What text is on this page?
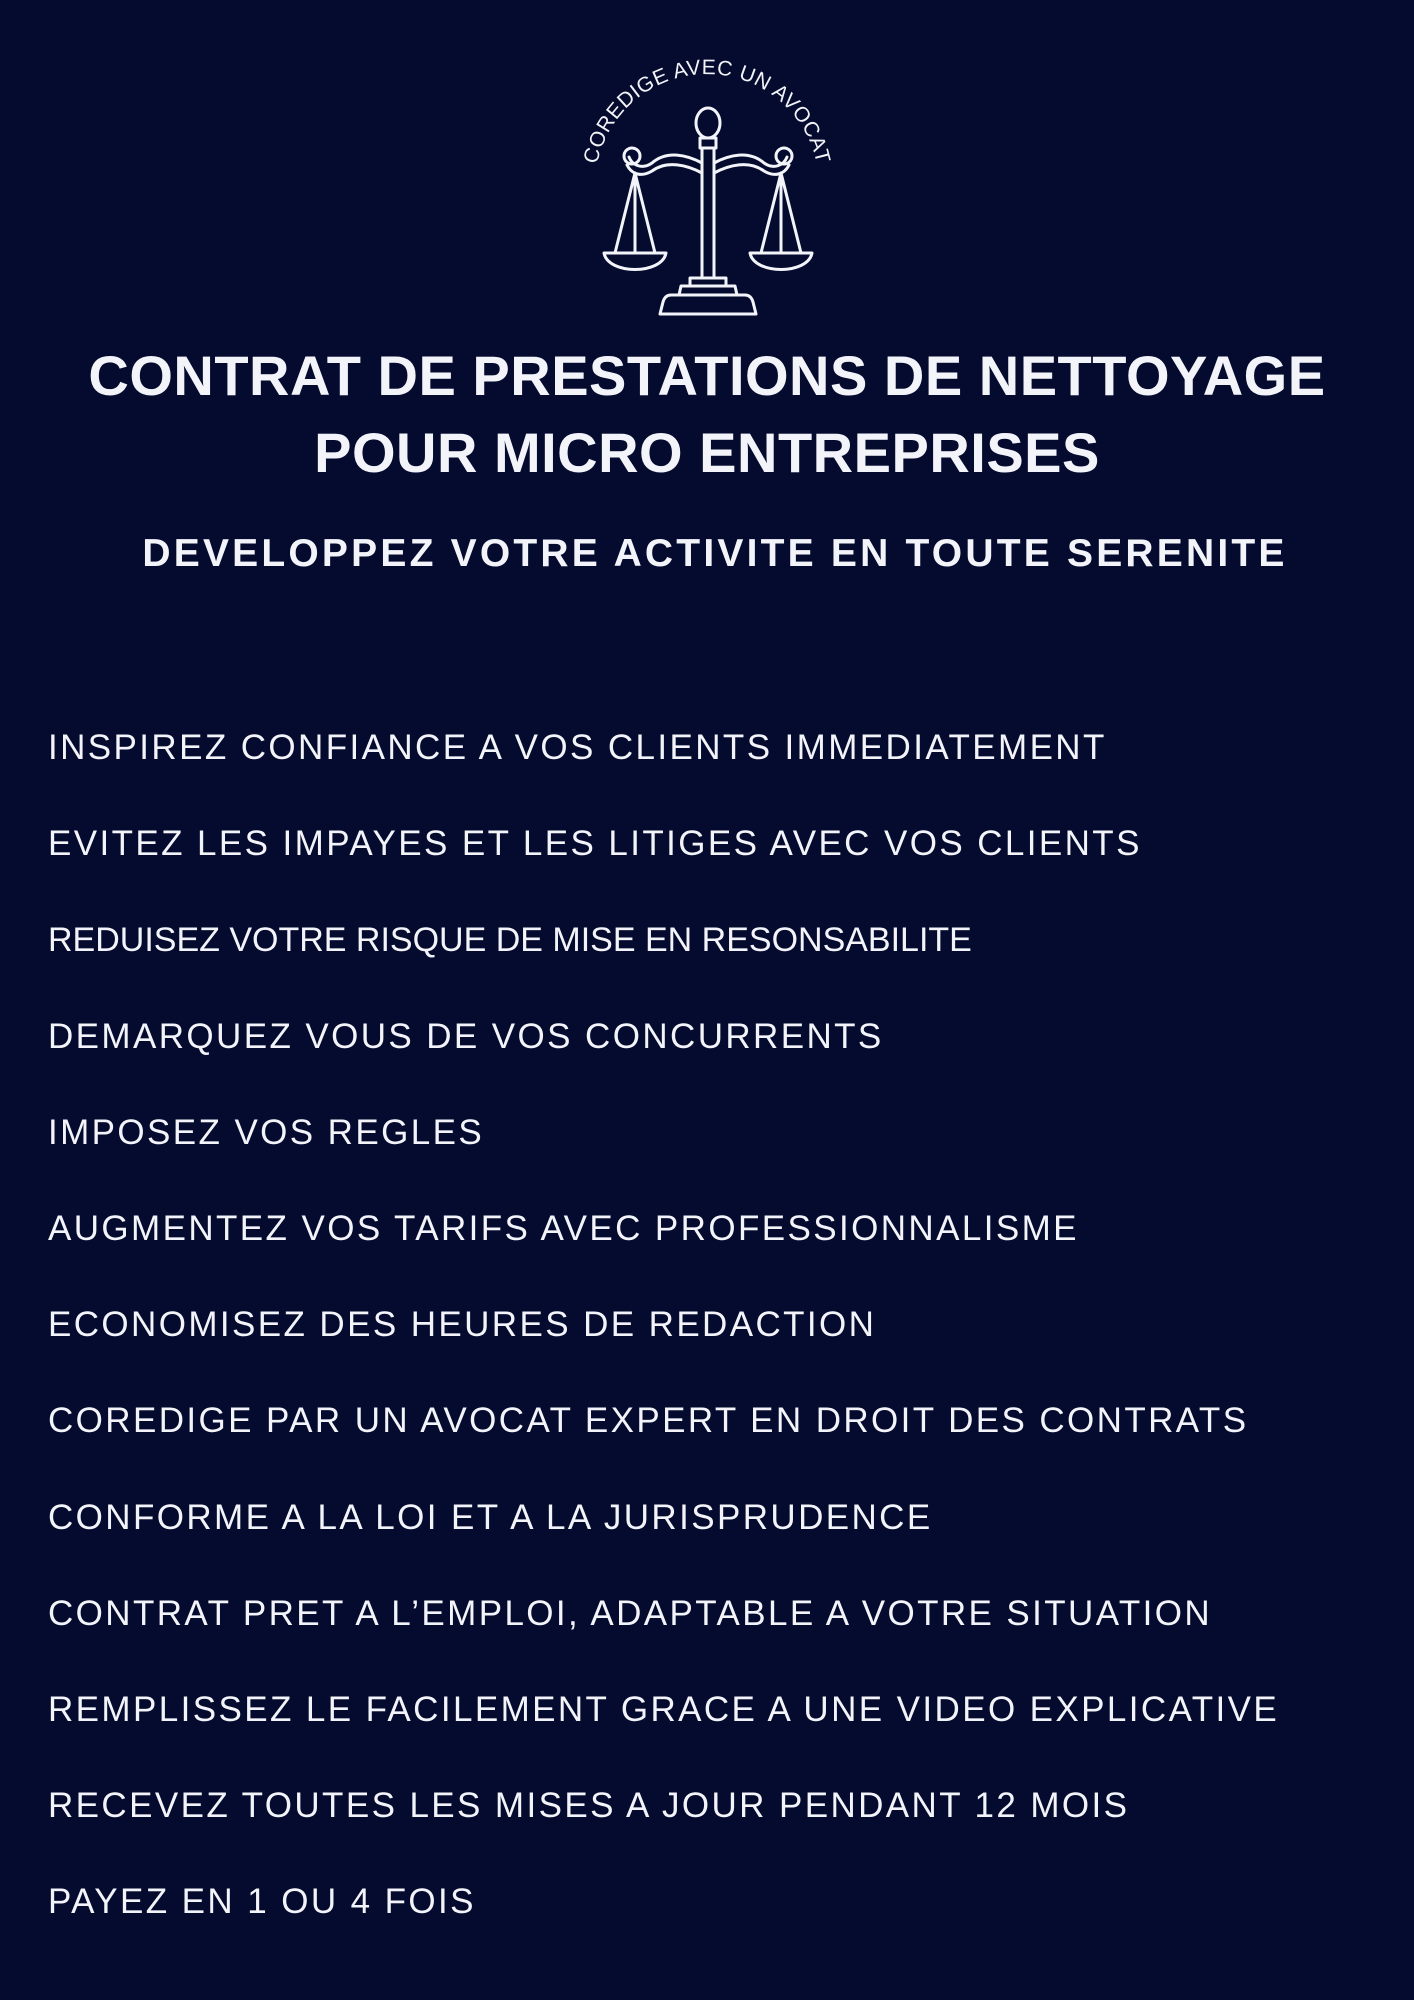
COREDIGE AVEC UN AVOCAT
CONTRAT DE PRESTATIONS DE NETTOYAGE
POUR MICRO ENTREPRISES
DEVELOPPEZ VOTRE ACTIVITE EN TOUTE SERENITE
INSPIREZ CONFIANCE A VOS CLIENTS IMMEDIATEMENT
EVITEZ LES IMPAYES ET LES LITIGES AVEC VOS CLIENTS
REDUISEZ VOTRE RISQUE DE MISE EN RESONSABILITE
DEMARQUEZ VOUS DE VOS CONCURRENTS
IMPOSEZ VOS REGLES
AUGMENTEZ VOS TARIFS AVEC PROFESSIONNALISME
ECONOMISEZ DES HEURES DE REDACTION
COREDIGE PAR UN AVOCAT EXPERT EN DROIT DES CONTRATS
CONFORME A LA LOI ET A LA JURISPRUDENCE
CONTRAT PRET A L’EMPLOI, ADAPTABLE A VOTRE SITUATION
REMPLISSEZ LE FACILEMENT GRACE A UNE VIDEO EXPLICATIVE
RECEVEZ TOUTES LES MISES A JOUR PENDANT 12 MOIS
PAYEZ EN 1 OU 4 FOIS
